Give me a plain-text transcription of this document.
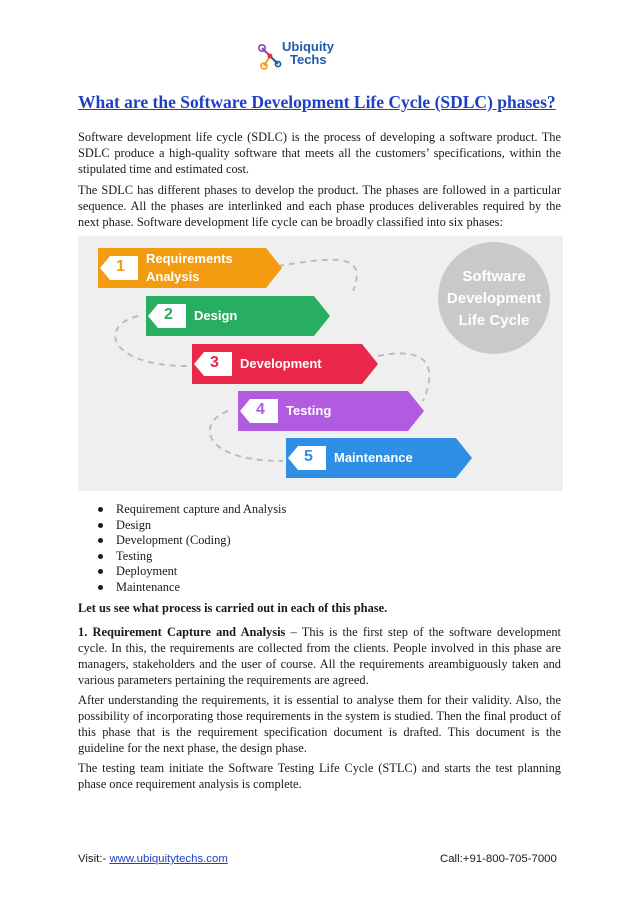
Ubiquity
Techs
What are the Software Development Life Cycle (SDLC) phases?

Software development life cycle (SDLC) is the process of developing a software product. The SDLC produce a high-quality software that meets all the customers’ specifications, within the stipulated time and estimated cost.

The SDLC has different phases to develop the product. The phases are followed in a particular sequence. All the phases are interlinked and each phase produces deliverables required by the next phase. Software development life cycle can be broadly classified into six phases:

Software
Development
Life Cycle
1
2
3
4
5
Requirements
Analysis
Design
Development
Testing
Maintenance
Requirement capture and Analysis
Design
Development (Coding)
Testing
Deployment
Maintenance

Let us see what process is carried out in each of this phase.

1. Requirement Capture and Analysis – This is the first step of the software development cycle. In this, the requirements are collected from the clients. People involved in this phase are managers, stakeholders and the user of course. All the requirements areambiguously taken and various parameters pertaining the requirements are agreed.

After understanding the requirements, it is essential to analyse them for their validity. Also, the possibility of incorporating those requirements in the system is studied. Then the final product of this phase that is the requirement specification document is drafted. This document is the guideline for the next phase, the design phase.

The testing team initiate the Software Testing Life Cycle (STLC) and starts the test planning phase once requirement analysis is complete.

Visit:- www.ubiquitytechs.com	Call:+91-800-705-7000
